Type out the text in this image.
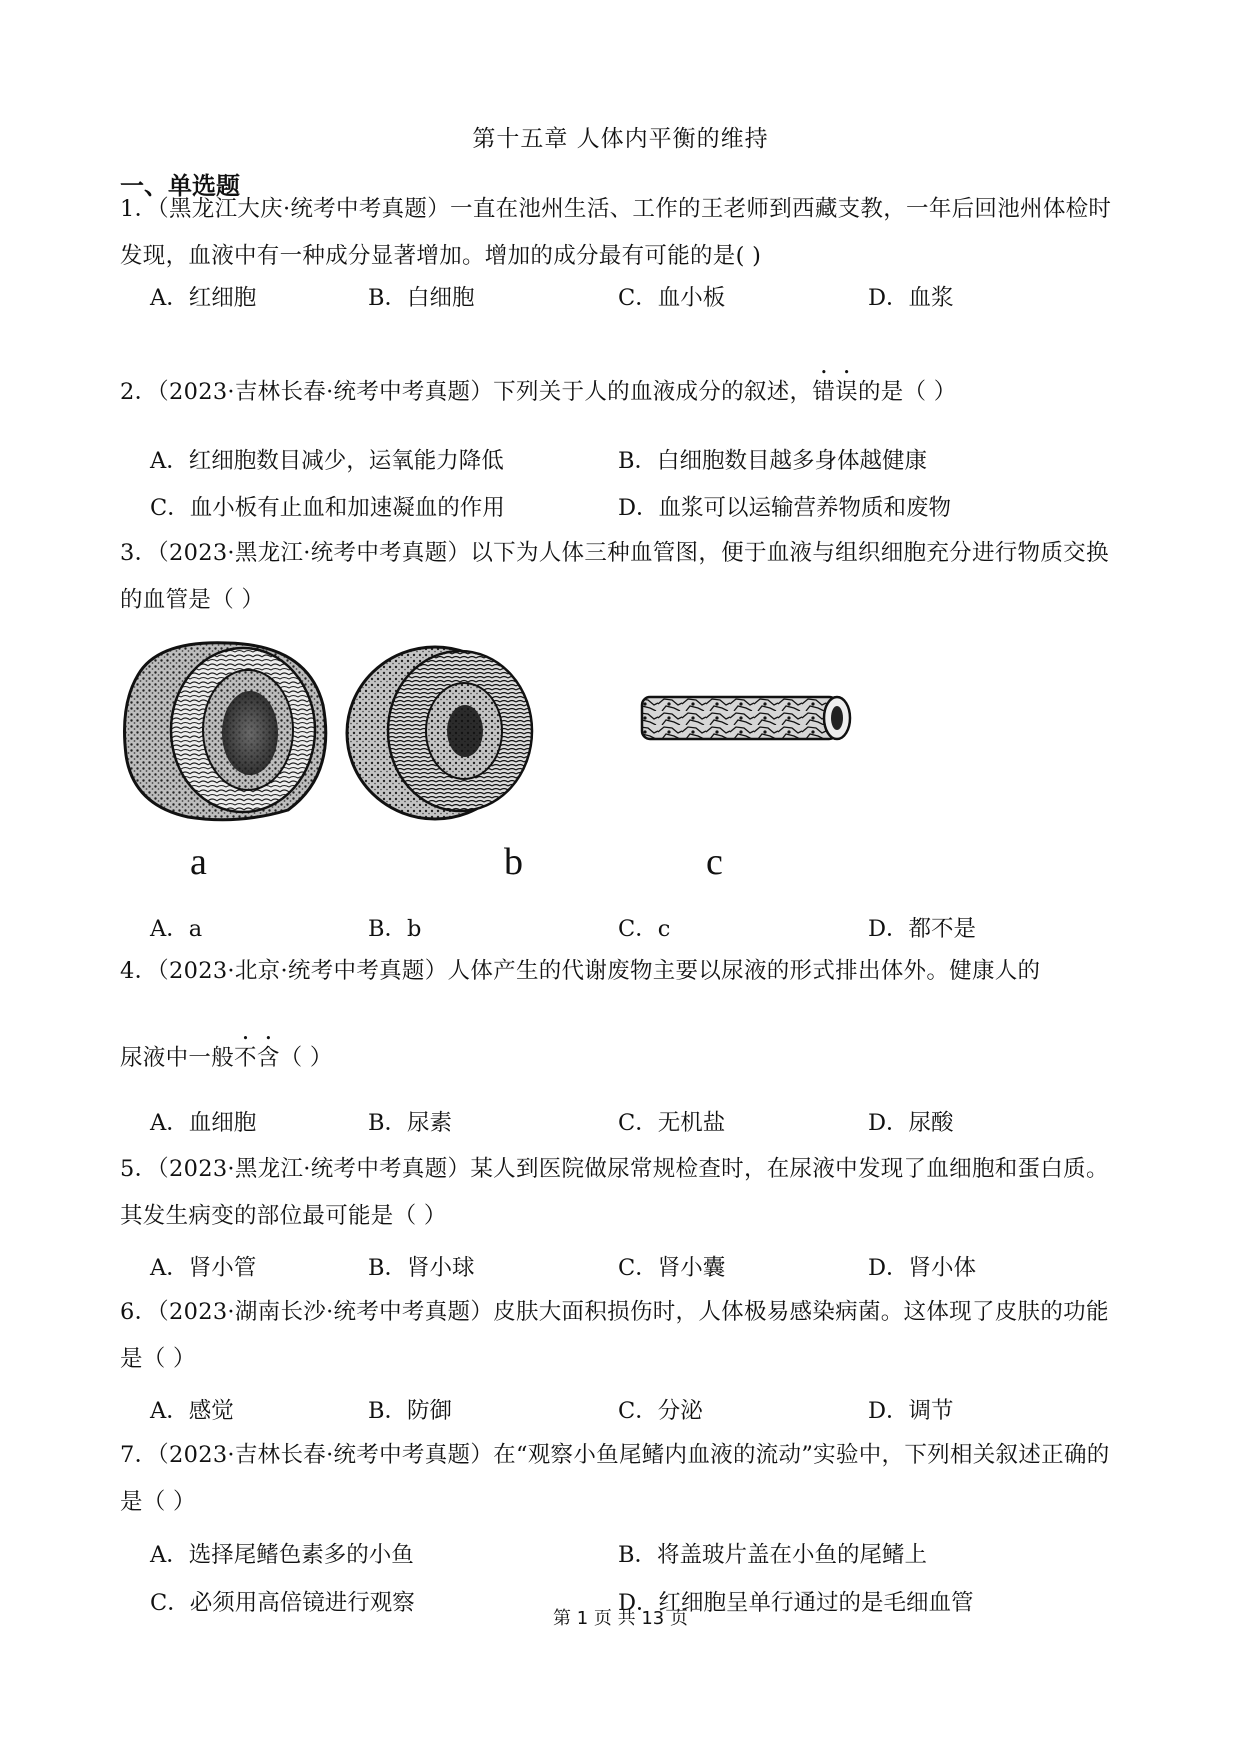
第十五章 人体内平衡的维持
一、单选题
1．（黑龙江大庆·统考中考真题）一直在池州生活、工作的王老师到西藏支教，一年后回池州体检时发现，血液中有一种成分显著增加。增加的成分最有可能的是( )
A．红细胞	B．白细胞	C．血小板	D．血浆
2．（2023·吉林长春·统考中考真题）下列关于人的血液成分的叙述，错误的是（ ）
A．红细胞数目减少，运氧能力降低	B．白细胞数目越多身体越健康
C．血小板有止血和加速凝血的作用	D．血浆可以运输营养物质和废物
3．（2023·黑龙江·统考中考真题）以下为人体三种血管图，便于血液与组织细胞充分进行物质交换的血管是（ ）
a	b	c
A．a	B．b	C．c	D．都不是
4．（2023·北京·统考中考真题）人体产生的代谢废物主要以尿液的形式排出体外。健康人的
尿液中一般不含（ ）
A．血细胞	B．尿素	C．无机盐	D．尿酸
5．（2023·黑龙江·统考中考真题）某人到医院做尿常规检查时，在尿液中发现了血细胞和蛋白质。其发生病变的部位最可能是（ ）
A．肾小管	B．肾小球	C．肾小囊	D．肾小体
6．（2023·湖南长沙·统考中考真题）皮肤大面积损伤时，人体极易感染病菌。这体现了皮肤的功能是（ ）
A．感觉	B．防御	C．分泌	D．调节
7．（2023·吉林长春·统考中考真题）在“观察小鱼尾鳍内血液的流动”实验中，下列相关叙述正确的是（ ）
A．选择尾鳍色素多的小鱼	B．将盖玻片盖在小鱼的尾鳍上
C．必须用高倍镜进行观察	D．红细胞呈单行通过的是毛细血管
第 1 页 共 13 页
